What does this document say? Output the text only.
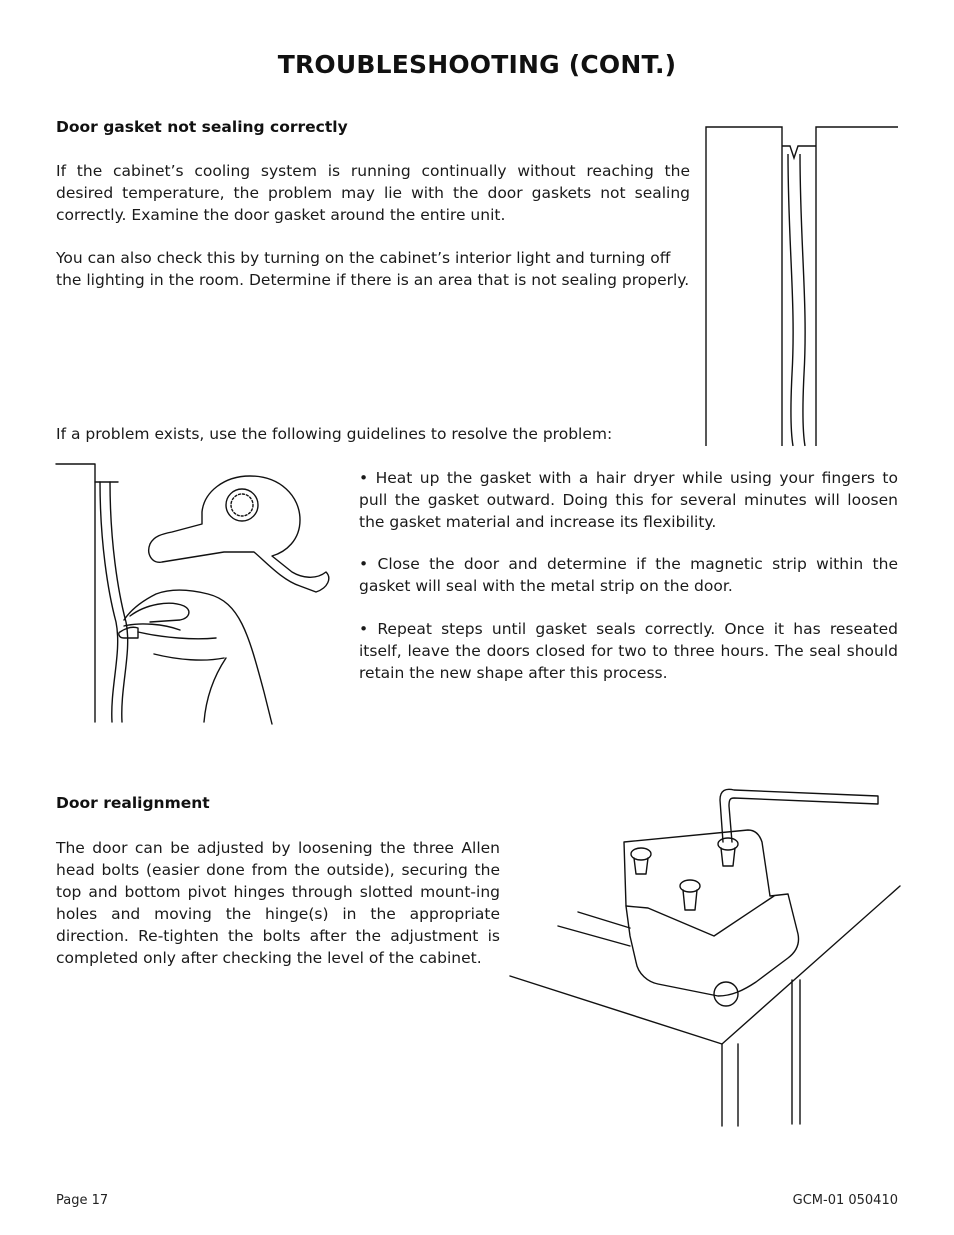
TROUBLESHOOTING (CONT.)
Door gasket not sealing correctly
If the cabinet’s cooling system is running continually without reaching the desired temperature, the problem may lie with the door gaskets not sealing correctly. Examine the door gasket around the entire unit.
You can also check this by turning on the cabinet’s interior light and turning off the lighting in the room. Determine if there is an area that is not sealing properly.
If a problem exists, use the following guidelines to resolve the problem:
• Heat up the gasket with a hair dryer while using your fingers to pull the gasket outward. Doing this for several minutes will loosen the gasket material and increase its flexibility.
• Close the door and determine if the magnetic strip within the gasket will seal with the metal strip on the door.
• Repeat steps until gasket seals correctly. Once it has reseated itself, leave the doors closed for two to three hours. The seal should retain the new shape after this process.
Door realignment
The door can be adjusted by loosening the three Allen head bolts (easier done from the outside), securing the top and bottom pivot hinges through slotted mount-ing holes and moving the hinge(s) in the appropriate direction. Re-tighten the bolts after the adjustment is completed only after checking the level of the cabinet.
Page 17	GCM-01 050410
